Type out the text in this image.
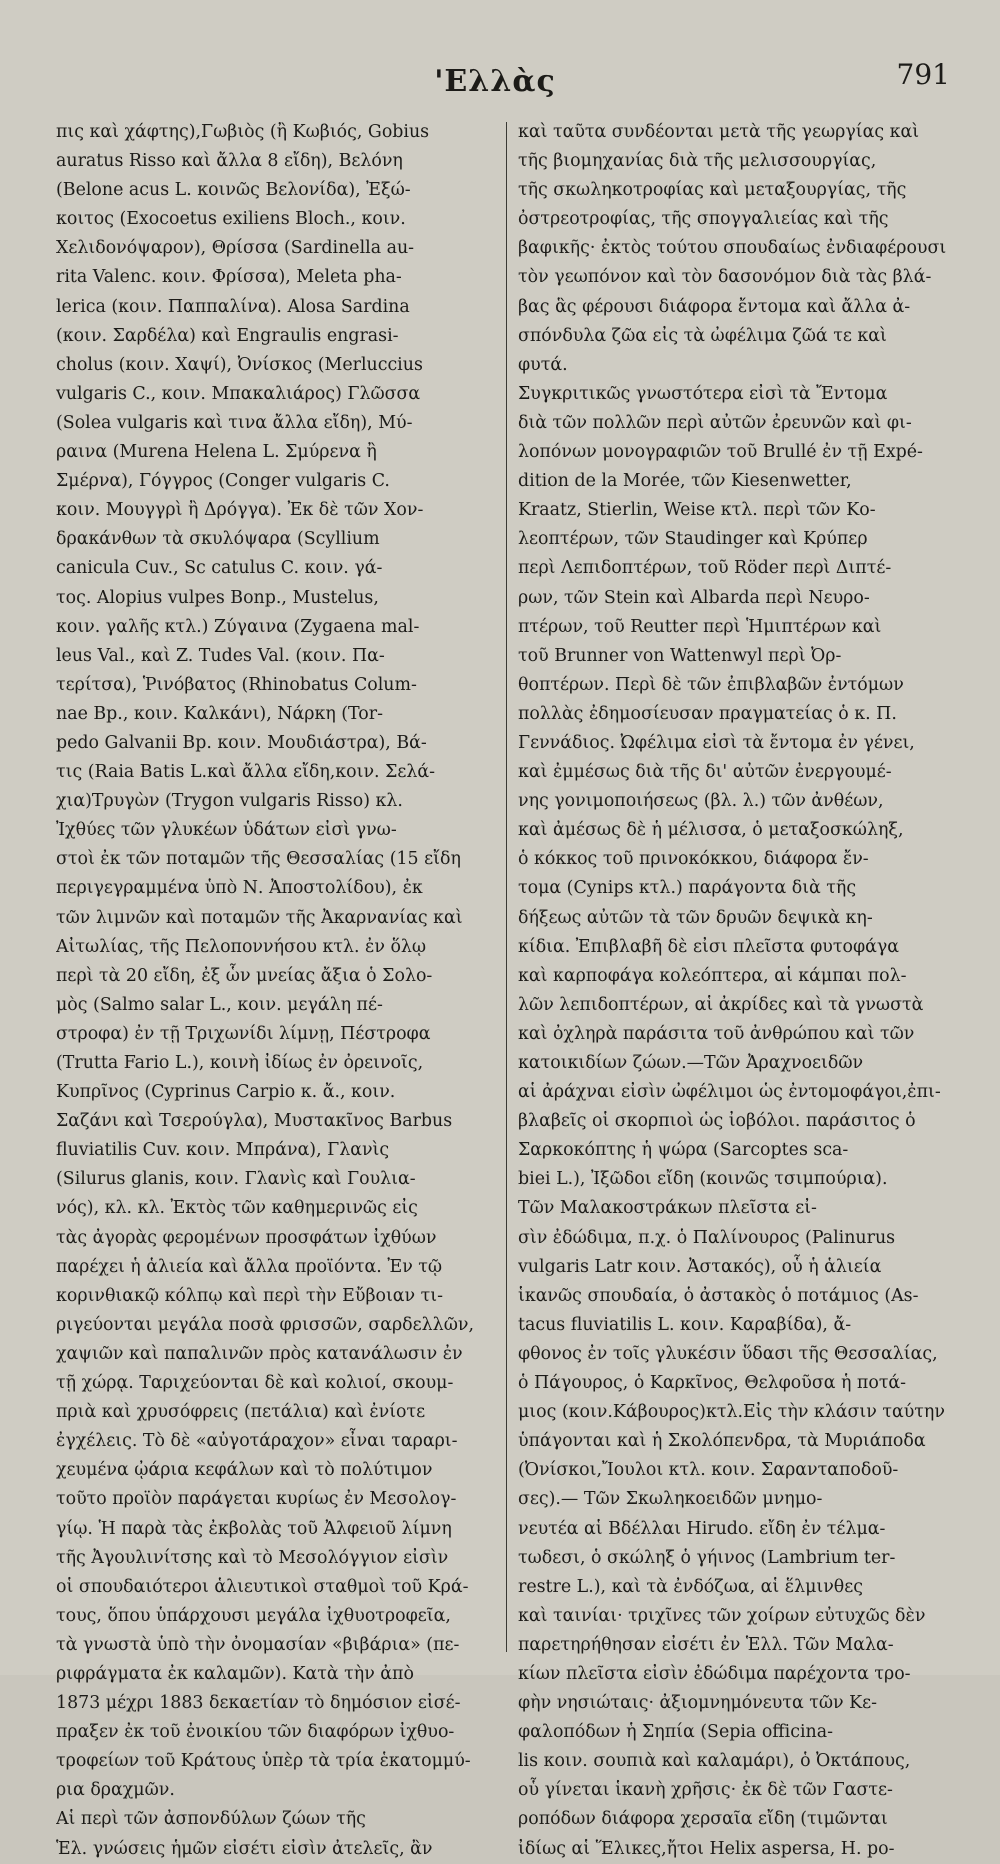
'Ελλὰς	791
πις καὶ χάφτης),Γωβιὸς (ἢ Κωβιός, Gobius
auratus Risso καὶ ἄλλα 8 εἴδη), Βελόνη
(Belone acus L. κοινῶς Βελονίδα), Ἐξώ-
κοιτος (Exocoetus exiliens Bloch., κοιν.
Χελιδονόψαρον), Θρίσσα (Sardinella au-
rita Valenc. κοιν. Φρίσσα), Meleta pha-
lerica (κοιν. Παππαλίνα). Alosa Sardina
(κοιν. Σαρδέλα) καὶ Engraulis engrasi-
cholus (κοιν. Χαψί), Ὀνίσκος (Merluccius
vulgaris C., κοιν. Μπακαλιάρος) Γλῶσσα
(Solea vulgaris καὶ τινα ἄλλα εἴδη), Μύ-
ραινα (Murena Helena L. Σμύρενα ἢ
Σμέρνα), Γόγγρος (Conger vulgaris C.
κοιν. Μουγγρὶ ἢ Δρόγγα). Ἐκ δὲ τῶν Χον-
δρακάνθων τὰ σκυλόψαρα (Scyllium
canicula Cuv., Sc catulus C. κοιν. γά-
τος. Alopius vulpes Bonp., Mustelus,
κοιν. γαλῆς κτλ.) Ζύγαινα (Zygaena mal-
leus Val., καὶ Z. Tudes Val. (κοιν. Πα-
τερίτσα), Ῥινόβατος (Rhinobatus Colum-
nae Bp., κοιν. Καλκάνι), Νάρκη (Tor-
pedo Galvanii Bp. κοιν. Μουδιάστρα), Βά-
τις (Raia Batis L.καὶ ἄλλα εἴδη,κοιν. Σελά-
χια)Τρυγὼν (Trygon vulgaris Risso) κλ.
Ἰχθύες τῶν γλυκέων ὑδάτων εἰσὶ γνω-
στοὶ ἐκ τῶν ποταμῶν τῆς Θεσσαλίας (15 εἴδη
περιγεγραμμένα ὑπὸ Ν. Ἀποστολίδου), ἐκ
τῶν λιμνῶν καὶ ποταμῶν τῆς Ἀκαρνανίας καὶ
Αἰτωλίας, τῆς Πελοποννήσου κτλ. ἐν ὅλῳ
περὶ τὰ 20 εἴδη, ἐξ ὧν μνείας ἄξια ὁ Σολο-
μὸς (Salmo salar L., κοιν. μεγάλη πέ-
στροφα) ἐν τῇ Τριχωνίδι λίμνῃ, Πέστροφα
(Trutta Fario L.), κοινὴ ἰδίως ἐν ὀρεινοῖς,
Κυπρῖνος (Cyprinus Carpio κ. ἄ., κοιν.
Σαζάνι καὶ Τσερούγλα), Μυστακῖνος Barbus
fluviatilis Cuv. κοιν. Μπράνα), Γλανὶς
(Silurus glanis, κοιν. Γλανὶς καὶ Γουλια-
νός), κλ. κλ. Ἐκτὸς τῶν καθημερινῶς εἰς
τὰς ἀγορὰς φερομένων προσφάτων ἰχθύων
παρέχει ἡ ἁλιεία καὶ ἄλλα προϊόντα. Ἐν τῷ
κορινθιακῷ κόλπῳ καὶ περὶ τὴν Εὔβοιαν τι-
ριγεύονται μεγάλα ποσὰ φρισσῶν, σαρδελλῶν,
χαψιῶν καὶ παπαλινῶν πρὸς κατανάλωσιν ἐν
τῇ χώρᾳ. Ταριχεύονται δὲ καὶ κολιοί, σκουμ-
πριὰ καὶ χρυσόφρεις (πετάλια) καὶ ἐνίοτε
ἐγχέλεις. Τὸ δὲ «αὐγοτάραχον» εἶναι ταραρι-
χευμένα ᾠάρια κεφάλων καὶ τὸ πολύτιμον
τοῦτο προϊὸν παράγεται κυρίως ἐν Μεσολογ-
γίῳ. Ἡ παρὰ τὰς ἐκβολὰς τοῦ Ἀλφειοῦ λίμνη
τῆς Ἀγουλινίτσης καὶ τὸ Μεσολόγγιον εἰσὶν
οἱ σπουδαιότεροι ἁλιευτικοὶ σταθμοὶ τοῦ Κρά-
τους, ὅπου ὑπάρχουσι μεγάλα ἰχθυοτροφεῖα,
τὰ γνωστὰ ὑπὸ τὴν ὀνομασίαν «βιβάρια» (πε-
ριφράγματα ἐκ καλαμῶν). Κατὰ τὴν ἀπὸ
1873 μέχρι 1883 δεκαετίαν τὸ δημόσιον εἰσέ-
πραξεν ἐκ τοῦ ἐνοικίου τῶν διαφόρων ἰχθυο-
τροφείων τοῦ Κράτους ὑπὲρ τὰ τρία ἑκατομμύ-
ρια δραχμῶν.
Αἱ περὶ τῶν ἀσπονδύλων ζώων τῆς
Ἑλ. γνώσεις ἡμῶν εἰσέτι εἰσὶν ἀτελεῖς, ἂν
καὶ ταῦτα συνδέονται μετὰ τῆς γεωργίας καὶ
τῆς βιομηχανίας διὰ τῆς μελισσουργίας,
τῆς σκωληκοτροφίας καὶ μεταξουργίας, τῆς
ὀστρεοτροφίας, τῆς σπογγαλιείας καὶ τῆς
βαφικῆς· ἐκτὸς τούτου σπουδαίως ἐνδιαφέρουσι
τὸν γεωπόνον καὶ τὸν δασονόμον διὰ τὰς βλά-
βας ἃς φέρουσι διάφορα ἔντομα καὶ ἄλλα ἀ-
σπόνδυλα ζῶα εἰς τὰ ὠφέλιμα ζῶά τε καὶ
φυτά.
Συγκριτικῶς γνωστότερα εἰσὶ τὰ Ἔντομα
διὰ τῶν πολλῶν περὶ αὐτῶν ἐρευνῶν καὶ φι-
λοπόνων μονογραφιῶν τοῦ Brullé ἐν τῇ Expé-
dition de la Morée, τῶν Kiesenwetter,
Kraatz, Stierlin, Weise κτλ. περὶ τῶν Κο-
λεοπτέρων, τῶν Staudinger καὶ Κρύπερ
περὶ Λεπιδοπτέρων, τοῦ Röder περὶ Διπτέ-
ρων, τῶν Stein καὶ Albarda περὶ Νευρο-
πτέρων, τοῦ Reutter περὶ Ἡμιπτέρων καὶ
τοῦ Brunner von Wattenwyl περὶ Ὀρ-
θοπτέρων. Περὶ δὲ τῶν ἐπιβλαβῶν ἐντόμων
πολλὰς ἐδημοσίευσαν πραγματείας ὁ κ. Π.
Γεννάδιος. Ὠφέλιμα εἰσὶ τὰ ἔντομα ἐν γένει,
καὶ ἐμμέσως διὰ τῆς δι' αὐτῶν ἐνεργουμέ-
νης γονιμοποιήσεως (βλ. λ.) τῶν ἀνθέων,
καὶ ἀμέσως δὲ ἡ μέλισσα, ὁ μεταξοσκώληξ,
ὁ κόκκος τοῦ πρινοκόκκου, διάφορα ἔν-
τομα (Cynips κτλ.) παράγοντα διὰ τῆς
δήξεως αὐτῶν τὰ τῶν δρυῶν δεψικὰ κη-
κίδια. Ἐπιβλαβῆ δὲ εἰσι πλεῖστα φυτοφάγα
καὶ καρποφάγα κολεόπτερα, αἱ κάμπαι πολ-
λῶν λεπιδοπτέρων, αἱ ἀκρίδες καὶ τὰ γνωστὰ
καὶ ὀχληρὰ παράσιτα τοῦ ἀνθρώπου καὶ τῶν
κατοικιδίων ζώων.—Τῶν Ἀραχνοειδῶν
αἱ ἀράχναι εἰσὶν ὠφέλιμοι ὡς ἐντομοφάγοι,ἐπι-
βλαβεῖς οἱ σκορπιοὶ ὡς ἰοβόλοι. παράσιτος ὁ
Σαρκοκόπτης ἡ ψώρα (Sarcoptes sca-
biei L.), Ἰξῶδοι εἴδη (κοινῶς τσιμπούρια).
Τῶν Μαλακοστράκων πλεῖστα εἰ-
σὶν ἐδώδιμα, π.χ. ὁ Παλίνουρος (Palinurus
vulgaris Latr κοιν. Ἀστακός), οὗ ἡ ἁλιεία
ἱκανῶς σπουδαία, ὁ ἀστακὸς ὁ ποτάμιος (As-
tacus fluviatilis L. κοιν. Καραβίδα), ἄ-
φθονος ἐν τοῖς γλυκέσιν ὕδασι τῆς Θεσσαλίας,
ὁ Πάγουρος, ὁ Καρκῖνος, Θελφοῦσα ἡ ποτά-
μιος (κοιν.Κάβουρος)κτλ.Εἰς τὴν κλάσιν ταύτην
ὑπάγονται καὶ ἡ Σκολόπενδρα, τὰ Μυριάποδα
(Ὀνίσκοι,Ἴουλοι κτλ. κοιν. Σαρανταποδοῦ-
σες).— Τῶν Σκωληκοειδῶν μνημο-
νευτέα αἱ Βδέλλαι Hirudo. εἴδη ἐν τέλμα-
τωδεσι, ὁ σκώληξ ὁ γήινος (Lambrium ter-
restre L.), καὶ τὰ ἐνδόζωα, αἱ ἕλμινθες
καὶ ταινίαι· τριχῖνες τῶν χοίρων εὐτυχῶς δὲν
παρετηρήθησαν εἰσέτι ἐν Ἑλλ. Τῶν Μαλα-
κίων πλεῖστα εἰσὶν ἐδώδιμα παρέχοντα τρο-
φὴν νησιώταις· ἀξιομνημόνευτα τῶν Κε-
φαλοπόδων ἡ Σηπία (Sepia officina-
lis κοιν. σουπιὰ καὶ καλαμάρι), ὁ Ὀκτάπους,
οὗ γίνεται ἱκανὴ χρῆσις· ἐκ δὲ τῶν Γαστε-
ροπόδων διάφορα χερσαῖα εἴδη (τιμῶνται
ἰδίως αἱ Ἕλικες,ἤτοι Helix aspersa, H. po-
